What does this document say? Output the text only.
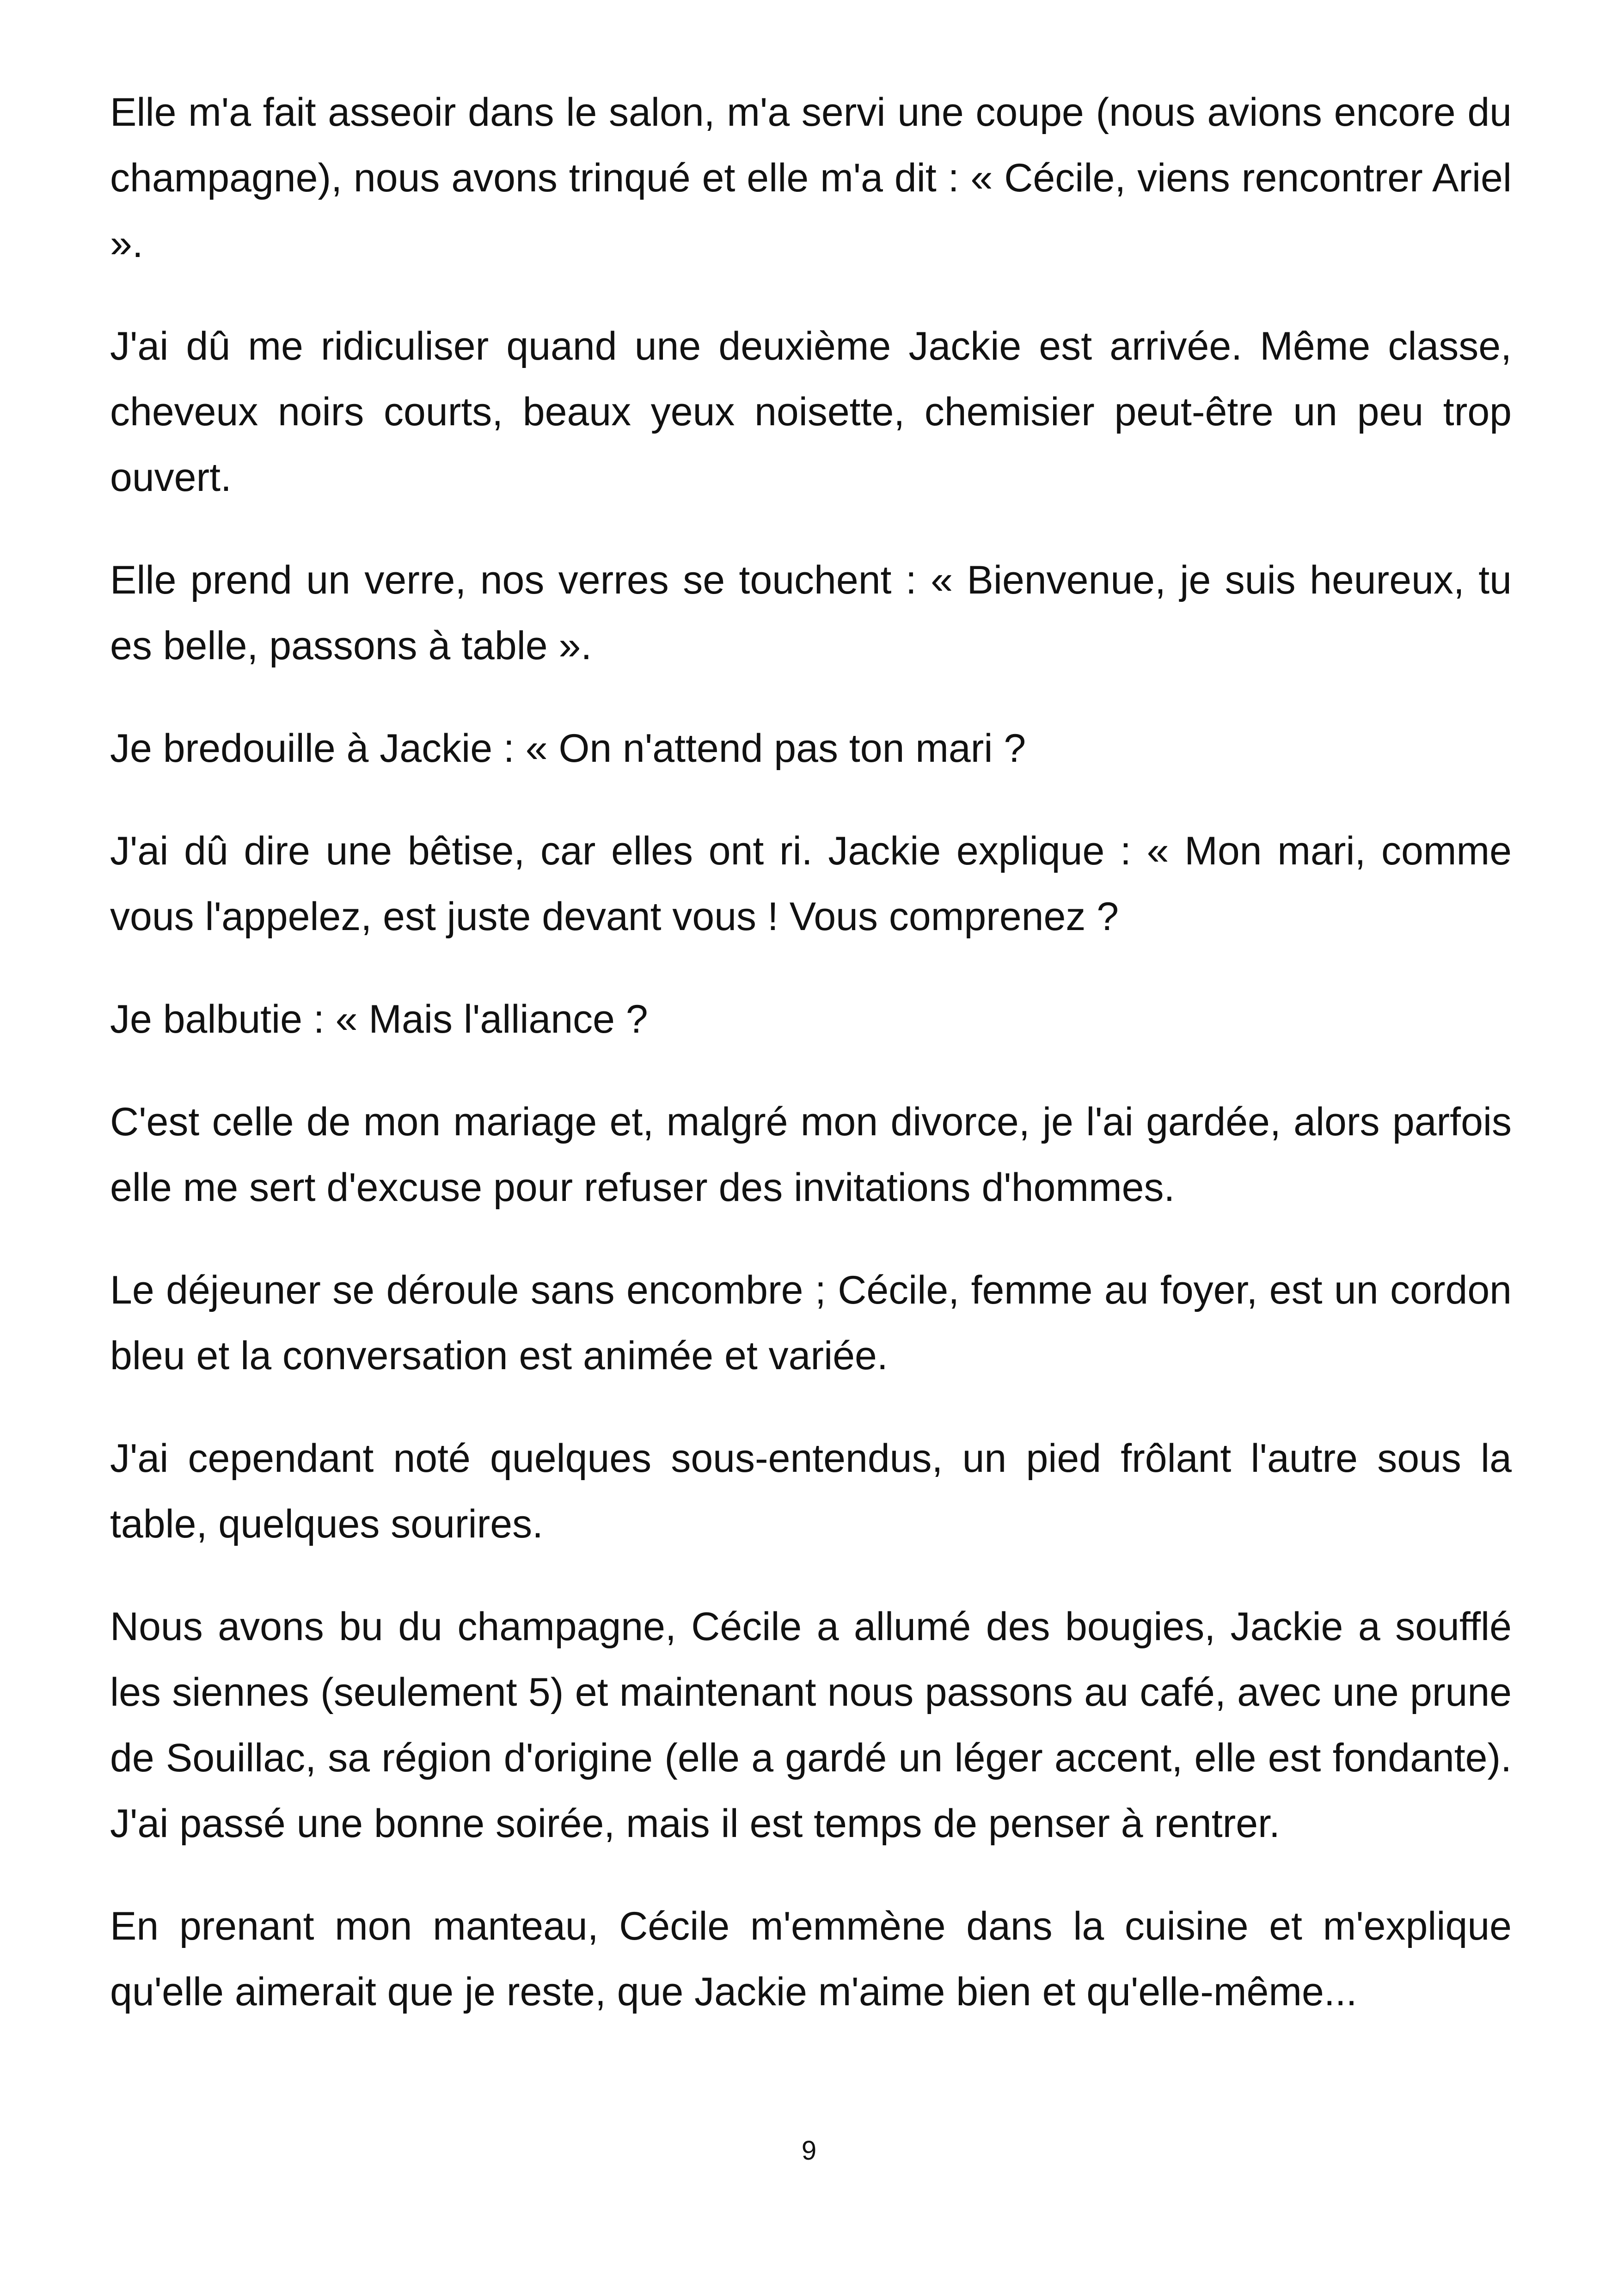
Elle m'a fait asseoir dans le salon, m'a servi une coupe (nous avions encore du champagne), nous avons trinqué et elle m'a dit : « Cécile, viens rencontrer Ariel ».

J'ai dû me ridiculiser quand une deuxième Jackie est arrivée. Même classe, cheveux noirs courts, beaux yeux noisette, chemisier peut-être un peu trop ouvert.

Elle prend un verre, nos verres se touchent : « Bienvenue, je suis heureux, tu es belle, passons à table ».

Je bredouille à Jackie : « On n'attend pas ton mari ?

J'ai dû dire une bêtise, car elles ont ri. Jackie explique : « Mon mari, comme vous l'appelez, est juste devant vous ! Vous comprenez ?

Je balbutie : « Mais l'alliance ?

C'est celle de mon mariage et, malgré mon divorce, je l'ai gardée, alors parfois elle me sert d'excuse pour refuser des invitations d'hommes.

Le déjeuner se déroule sans encombre ; Cécile, femme au foyer, est un cordon bleu et la conversation est animée et variée.

J'ai cependant noté quelques sous-entendus, un pied frôlant l'autre sous la table, quelques sourires.

Nous avons bu du champagne, Cécile a allumé des bougies, Jackie a soufflé les siennes (seulement 5) et maintenant nous passons au café, avec une prune de Souillac, sa région d'origine (elle a gardé un léger accent, elle est fondante). J'ai passé une bonne soirée, mais il est temps de penser à rentrer.

En prenant mon manteau, Cécile m'emmène dans la cuisine et m'explique qu'elle aimerait que je reste, que Jackie m'aime bien et qu'elle-même...

9
